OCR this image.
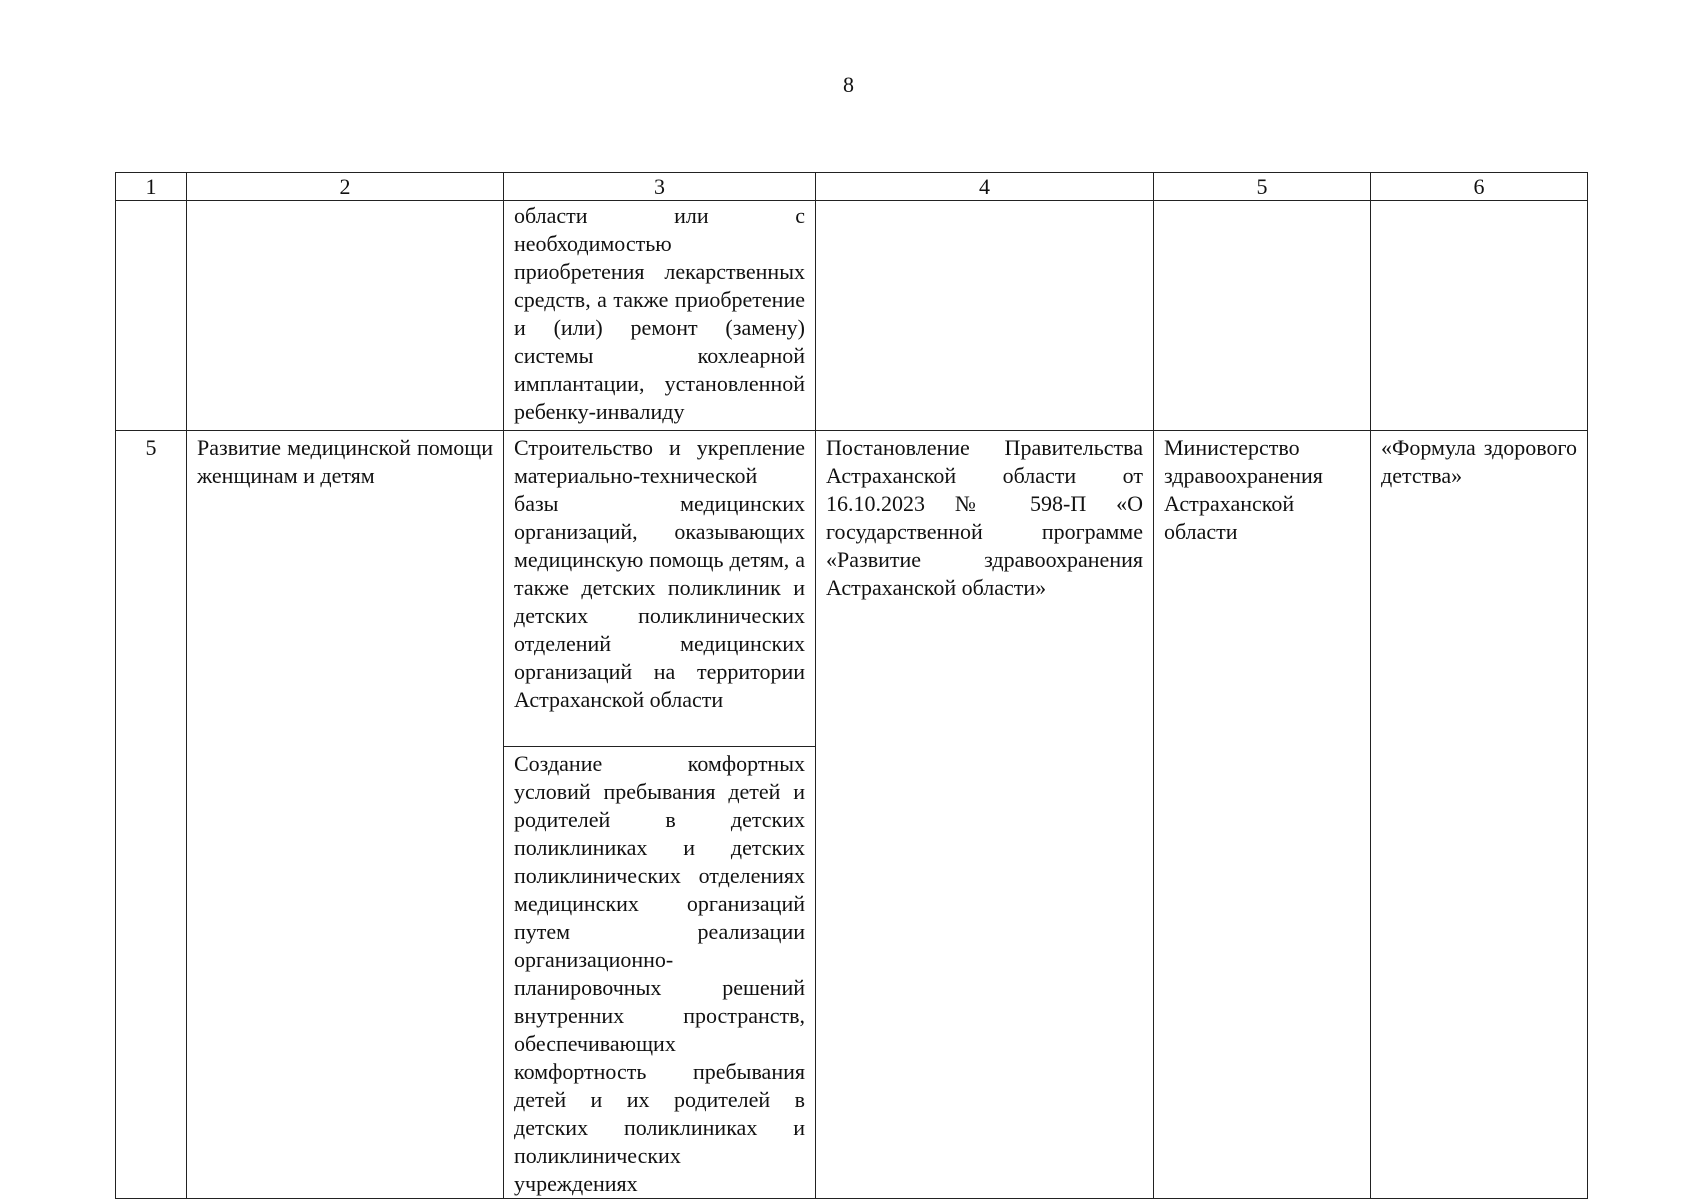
8
1	2	3	4	5	6

		области или с необходимостью приобретения лекарственных средств, а также приобретение и (или) ремонт (замену) системы кохлеарной имплантации, установленной ребенку-инвалиду			

5	Развитие медицинской помощи женщинам и детям	Строительство и укрепление материально-технической базы медицинских организаций, оказывающих медицинскую помощь детям, а также детских поликлиник и детских поликлинических отделений медицинских организаций на территории Астраханской области	Постановление Правительства Астраханской области от 16.10.2023 № 598-П «О государственной программе «Развитие здравоохранения Астраханской области»	Министерство здравоохранения Астраханской области	«Формула здорового детства»

		Создание комфортных условий пребывания детей и родителей в детских поликлиниках и детских поликлинических отделениях медицинских организаций путем реализации организационно-планировочных решений внутренних пространств, обеспечивающих комфортность пребывания детей и их родителей в детских поликлиниках и поликлинических учреждениях			
